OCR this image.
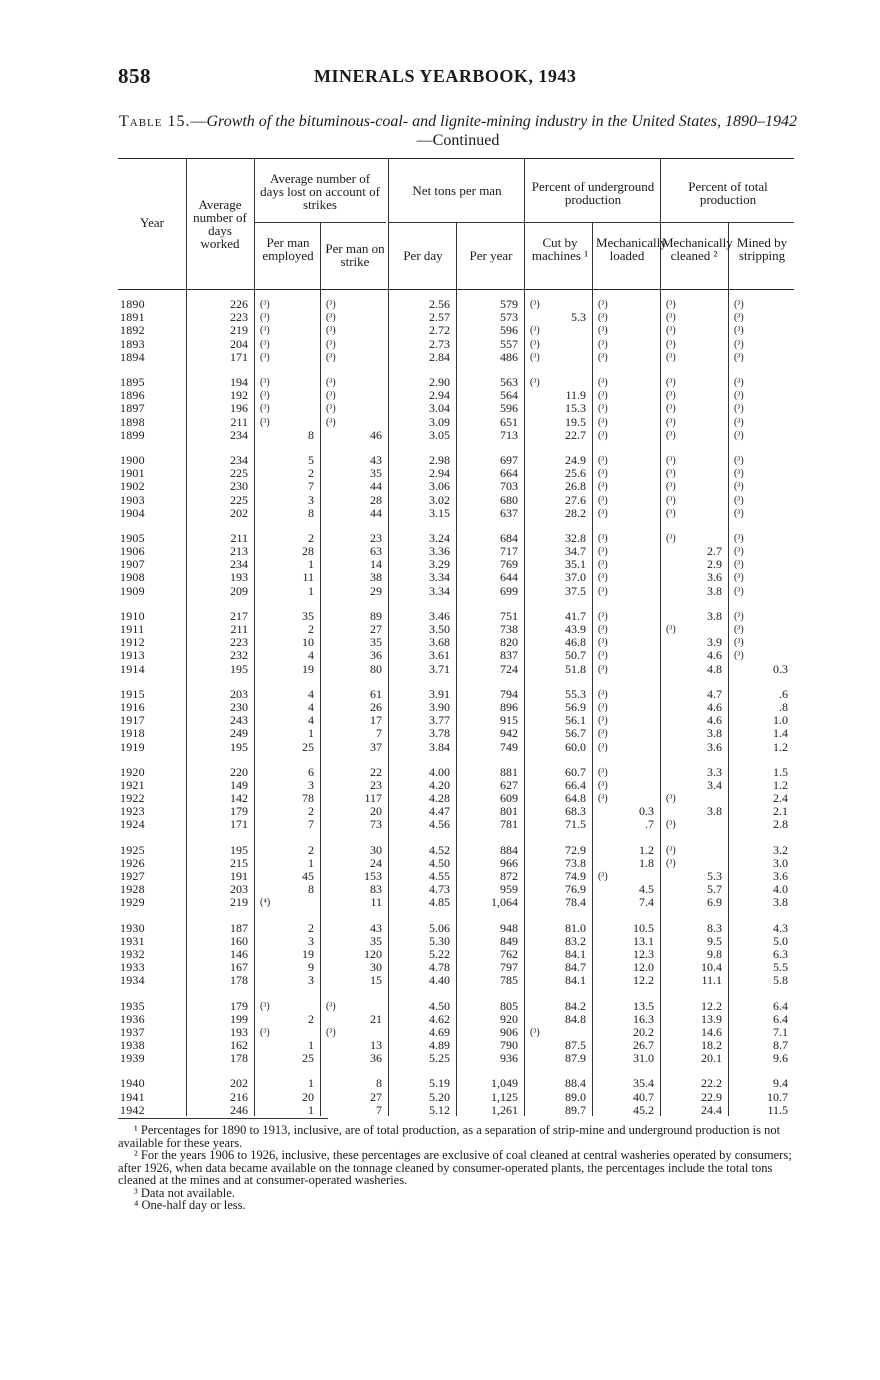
858	MINERALS YEARBOOK, 1943
Table 15.—Growth of the bituminous-coal- and lignite-mining industry in the United States, 1890–1942—Continued
Year
Average number of days worked
Average number of days lost on account of strikes
Per man employed Per man on strike
Net tons per man
Per day	Per year
Percent of underground production
Cut by machines ¹
Mechanically loaded
Percent of total production
Mechanically cleaned ²
Mined by stripping
1890	226	(³)	(³)	2.56	579	(³)	(³)	(³)	(³)
1891	223	(³)	(³)	2.57	573	5.3	(³)	(³)	(³)
1892	219	(³)	(³)	2.72	596	(³)	(³)	(³)	(³)
1893	204	(³)	(³)	2.73	557	(³)	(³)	(³)	(³)
1894	171	(³)	(³)	2.84	486	(³)	(³)	(³)	(³)

1895	194	(³)	(³)	2.90	563	(³)	(³)	(³)	(³)
1896	192	(³)	(³)	2.94	564	11.9	(³)	(³)	(³)
1897	196	(³)	(³)	3.04	596	15.3	(³)	(³)	(³)
1898	211	(³)	(³)	3.09	651	19.5	(³)	(³)	(³)
1899	234	8	46	3.05	713	22.7	(³)	(³)	(³)

1900	234	5	43	2.98	697	24.9	(³)	(³)	(³)
1901	225	2	35	2.94	664	25.6	(³)	(³)	(³)
1902	230	7	44	3.06	703	26.8	(³)	(³)	(³)
1903	225	3	28	3.02	680	27.6	(³)	(³)	(³)
1904	202	8	44	3.15	637	28.2	(³)	(³)	(³)

1905	211	2	23	3.24	684	32.8	(³)	(³)	(³)
1906	213	28	63	3.36	717	34.7	(³)	2.7	(³)
1907	234	1	14	3.29	769	35.1	(³)	2.9	(³)
1908	193	11	38	3.34	644	37.0	(³)	3.6	(³)
1909	209	1	29	3.34	699	37.5	(³)	3.8	(³)

1910	217	35	89	3.46	751	41.7	(³)	3.8	(³)
1911	211	2	27	3.50	738	43.9	(³)	(³)	(³)
1912	223	10	35	3.68	820	46.8	(³)	3.9	(³)
1913	232	4	36	3.61	837	50.7	(³)	4.6	(³)
1914	195	19	80	3.71	724	51.8	(³)	4.8	0.3

1915	203	4	61	3.91	794	55.3	(³)	4.7	.6
1916	230	4	26	3.90	896	56.9	(³)	4.6	.8
1917	243	4	17	3.77	915	56.1	(³)	4.6	1.0
1918	249	1	7	3.78	942	56.7	(³)	3.8	1.4
1919	195	25	37	3.84	749	60.0	(³)	3.6	1.2

1920	220	6	22	4.00	881	60.7	(³)	3.3	1.5
1921	149	3	23	4.20	627	66.4	(³)	3.4	1.2
1922	142	78	117	4.28	609	64.8	(³)	(³)	2.4
1923	179	2	20	4.47	801	68.3	0.3	3.8	2.1
1924	171	7	73	4.56	781	71.5	.7	(³)	2.8

1925	195	2	30	4.52	884	72.9	1.2	(³)	3.2
1926	215	1	24	4.50	966	73.8	1.8	(³)	3.0
1927	191	45	153	4.55	872	74.9	(³)	5.3	3.6
1928	203	8	83	4.73	959	76.9	4.5	5.7	4.0
1929	219	(⁴)	11	4.85	1,064	78.4	7.4	6.9	3.8

1930	187	2	43	5.06	948	81.0	10.5	8.3	4.3
1931	160	3	35	5.30	849	83.2	13.1	9.5	5.0
1932	146	19	120	5.22	762	84.1	12.3	9.8	6.3
1933	167	9	30	4.78	797	84.7	12.0	10.4	5.5
1934	178	3	15	4.40	785	84.1	12.2	11.1	5.8

1935	179	(³)	(³)	4.50	805	84.2	13.5	12.2	6.4
1936	199	2	21	4.62	920	84.8	16.3	13.9	6.4
1937	193	(³)	(³)	4.69	906	(³)	20.2	14.6	7.1
1938	162	1	13	4.89	790	87.5	26.7	18.2	8.7
1939	178	25	36	5.25	936	87.9	31.0	20.1	9.6

1940	202	1	8	5.19	1,049	88.4	35.4	22.2	9.4
1941	216	20	27	5.20	1,125	89.0	40.7	22.9	10.7
1942	246	1	7	5.12	1,261	89.7	45.2	24.4	11.5

¹ Percentages for 1890 to 1913, inclusive, are of total production, as a separation of strip-mine and underground production is not available for these years.

² For the years 1906 to 1926, inclusive, these percentages are exclusive of coal cleaned at central washeries operated by consumers; after 1926, when data became available on the tonnage cleaned by consumer-operated plants, the percentages include the total tons cleaned at the mines and at consumer-operated washeries.

³ Data not available.

⁴ One-half day or less.
